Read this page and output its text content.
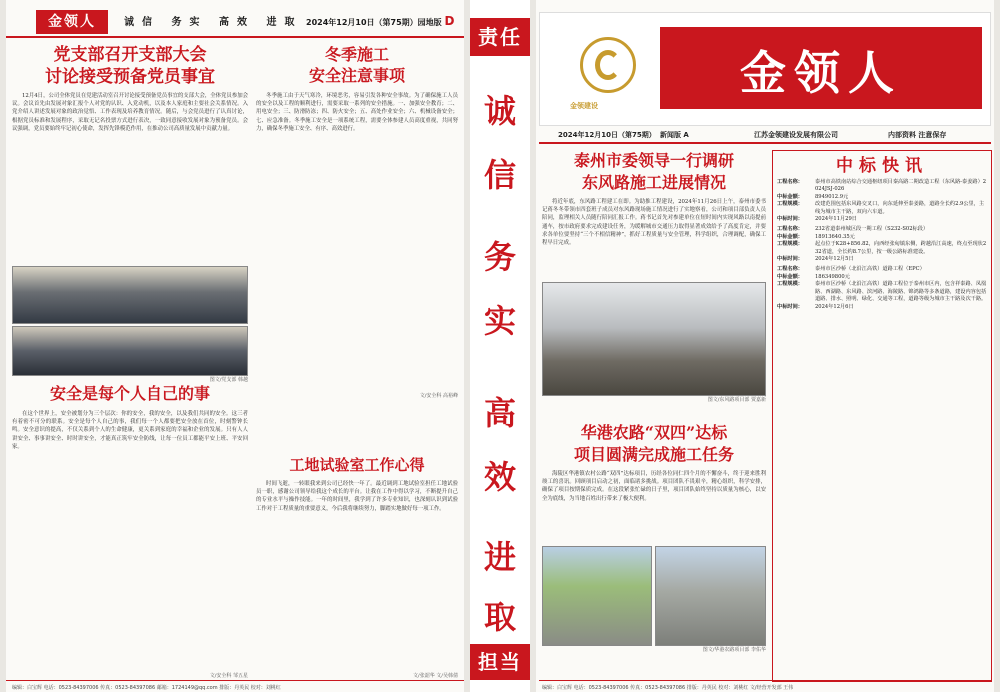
金领人	诚信 务实 高效 进取 2024年12月10日（第75期）园地版 D
党支部召开支部大会
讨论接受预备党员事宜

12月4日，公司全体党员在党建活动室召开讨论接受预备党员事宜的支部大会，全体党员参加会议。会议首先由发展对象汇报个人对党的认识、入党动机，以及本人家庭和主要社会关系情况。入党介绍人讲述发展对象的政治觉悟、工作表现及培养教育情况。随后，与会党员进行了认真讨论，根据党员标准和发展程序，采取无记名投票方式进行表决，一致同意接收发展对象为预备党员。会议强调，党员要始终牢记初心使命，发挥先锋模范作用，在推动公司高质量发展中贡献力量。

图文/党支部 韩越
冬季施工
安全注意事项

冬季施工由于天气寒冷，环境恶劣，容易引发各种安全事故。为了确保施工人员的安全以及工程的顺利进行，需要采取一系列的安全措施。一、加强安全教育；二、用电安全；三、防滑防冻；四、防火安全；五、高处作业安全；六、机械设备安全；七、应急准备。冬季施工安全是一项系统工程，需要全体参建人员高度重视，共同努力，确保冬季施工安全、有序、高效进行。

文/安全科 高裕峰
安全是每个人自己的事

在这个世界上，安全被划分为三个层次：你的安全，我的安全，以及我们共同的安全。这三者有着密不可分的联系。安全是每个人自己的事，我们每一个人都要把安全放在首位，时刻警钟长鸣。安全意识的提高，不仅关系到个人的生命健康，更关系到家庭的幸福和企业的发展。只有人人讲安全、事事讲安全、时时讲安全，才能真正筑牢安全防线，让每一位员工都能平安上班、平安回家。

文/安全科 邹五星
工地试验室工作心得

时间飞逝，一转眼我来到公司已经快一年了。最近调到工地试验室担任工地试验员一职，感谢公司领导给我这个成长的平台。让我在工作中得以学习，不断提升自己的专业水平与操作技能。一年的时间里，我学到了许多专业知识，也深刻认识到试验工作对于工程质量的重要意义，今后我将继续努力，脚踏实地做好每一项工作。

文/张韶华 文/吴韩倩
编辑：白宝辉 电话：0523-84397006 传真：0523-84397086 邮箱：1724149@qq.com 排版：丹英民 校对：刘桃红
责任
诚
信
务
实
高
效
进
取
担当
金领建设
金领人
2024年12月10日（第75期） 新闻版 A	江苏金领建设发展有限公司	内部资料 注意保存
泰州市委领导一行调研
东风路施工进展情况

将近年底，东风路工程建工在即。为助推工程建设，2024年11月26日上午，泰州市委书记蒋冬冬带领市四套班子成员对东风路现场施工情况进行了实地察看，公司和项目部负责人员陪同，监理相关人员随行陪同汇报工作。蒋书记首先对参建单位在短时间内实现风路以南提前通车，按市政府要求完成建设任务，为缓解城市交通压力取得显著成效给予了高度肯定，并要求各单位要坚持“三个不相信精神”，抓好工程质量与安全管理，科学组织，合理调配，确保工程早日完成。

图文/东风路项目部 贾嘉新
华港农路“双四”达标
项目圆满完成施工任务

海陵区华港镇农村公路“双四”达标项目，历经各位同仁四个月的不懈奋斗，终于迎来胜利竣工的喜讯。回顾项目启动之初，面临诸多挑战。项目团队不畏艰辛，精心组织，科学安排，确保了项目按期保质完成。在这段紧张忙碌的日子里，项目团队始终坚持以质量为核心，以安全为底线，为当地百姓出行带来了极大便利。

图文/华港农路项目部 李佑华
中标快讯
工程名称：	泰州市高铁南站综合交通枢纽项目秦高路二期改造工程（东风路-泰姜路）2024JSJ-026
中标金额：	8949012.9元
工程规模：	改建范围包括东风路交叉口，向东延伸至泰姜路，道路全长约2.9公里，主线为城市主干路，双向六车道。
中标时间：	2024年11月29日
工程名称：	232省道泰州城区段一期工程（S232-S02标段）
中标金额：	18913640.35元
工程规模：	起点位于K28+856.82，向西经张甸镇东侧，跨越沿江高速，终点至现状232省道，全长约8.7公里，按一级公路标准建设。
中标时间：	2024年12月5日
工程名称：	泰州市区沙桥（北沿江高铁）道路工程（EPC）
中标金额：	186349800元
工程规模：	泰州市区沙桥（北沿江高铁）道路工程位于泰州市区内，包含祥泰路、凤凰路、西湖路、东风路、滨河路、海陵路、锦鸿路等多条道路，建设内容包括道路、排水、照明、绿化、交通等工程，道路等级为城市主干路及次干路。
中标时间：	2024年12月6日
编辑：白宝辉 电话：0523-84397006 传真：0523-84397086 排版：丹英民 校对：刘桃红 文/经营开发部 王伟
